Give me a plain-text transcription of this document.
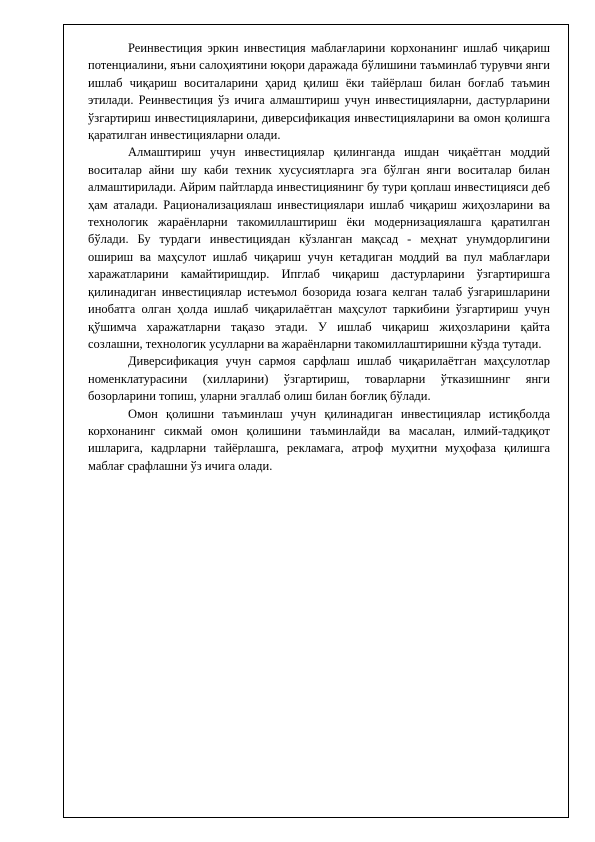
Реинвестиция эркин инвестиция маблағларини корхонанинг ишлаб чиқариш потенциалини, яъни салоҳиятини юқори даражада бўлишини таъминлаб турувчи янги ишлаб чиқариш воситаларини ҳарид қилиш ёки тайёрлаш билан боғлаб таъмин этилади. Реинвестиция ўз ичига алмаштириш учун инвестицияларни, дастурларини ўзгартириш инвестицияларини, диверсификация инвестицияларини ва омон қолишга қаратилган инвестицияларни олади.

Алмаштириш учун инвестициялар қилинганда ишдан чиқаётган моддий воситалар айни шу каби техник хусусиятларга эга бўлган янги воситалар билан алмаштирилади. Айрим пайтларда инвестициянинг бу тури қоплаш инвестицияси деб ҳам аталади. Рационализациялаш инвестициялари ишлаб чиқариш жиҳозларини ва технологик жараёнларни такомиллаштириш ёки модернизациялашга қаратилган бўлади. Бу турдаги инвестициядан кўзланган мақсад - меҳнат унумдорлигини ошириш ва маҳсулот ишлаб чиқариш учун кетадиган моддий ва пул маблағлари харажатларини камайтиришдир. Ипглаб чиқариш дастурларини ўзгартиришга қилинадиган инвестициялар истеъмол бозорида юзага келган талаб ўзгаришларини инобатга олган ҳолда ишлаб чиқарилаётган маҳсулот таркибини ўзгартириш учун қўшимча харажатларни тақазо этади. У ишлаб чиқариш жиҳозларини қайта созлашни, технологик усулларни ва жараёнларни такомиллаштиришни кўзда тутади.

Диверсификация учун сармоя сарфлаш ишлаб чиқарилаётган маҳсулотлар номенклатурасини (хилларини) ўзгартириш, товарларни ўтказишнинг янги бозорларини топиш, уларни эгаллаб олиш билан боғлиқ бўлади.

Омон қолишни таъминлаш учун қилинадиган инвестициялар истиқболда корхонанинг сикмай омон қолишини таъминлайди ва масалан, илмий-тадқиқот ишларига, кадрларни тайёрлашга, рекламага, атроф муҳитни муҳофаза қилишга маблағ срафлашни ўз ичига олади.
